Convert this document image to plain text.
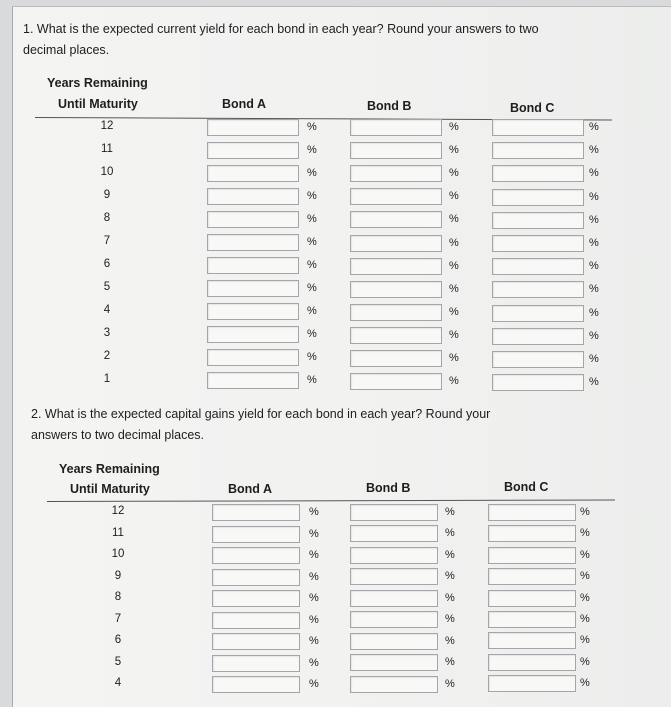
1. What is the expected current yield for each bond in each year? Round your answers to two decimal places.

Years Remaining
Until Maturity	Bond A	Bond B	Bond C
12	%	%	%
11	%	%	%
10	%	%	%
9	%	%	%
8	%	%	%
7	%	%	%
6	%	%	%
5	%	%	%
4	%	%	%
3	%	%	%
2	%	%	%
1	%	%	%

2. What is the expected capital gains yield for each bond in each year? Round your answers to two decimal places.

Years Remaining
Until Maturity	Bond A	Bond B	Bond C
12	%	%	%
11	%	%	%
10	%	%	%
9	%	%	%
8	%	%	%
7	%	%	%
6	%	%	%
5	%	%	%
4	%	%	%
